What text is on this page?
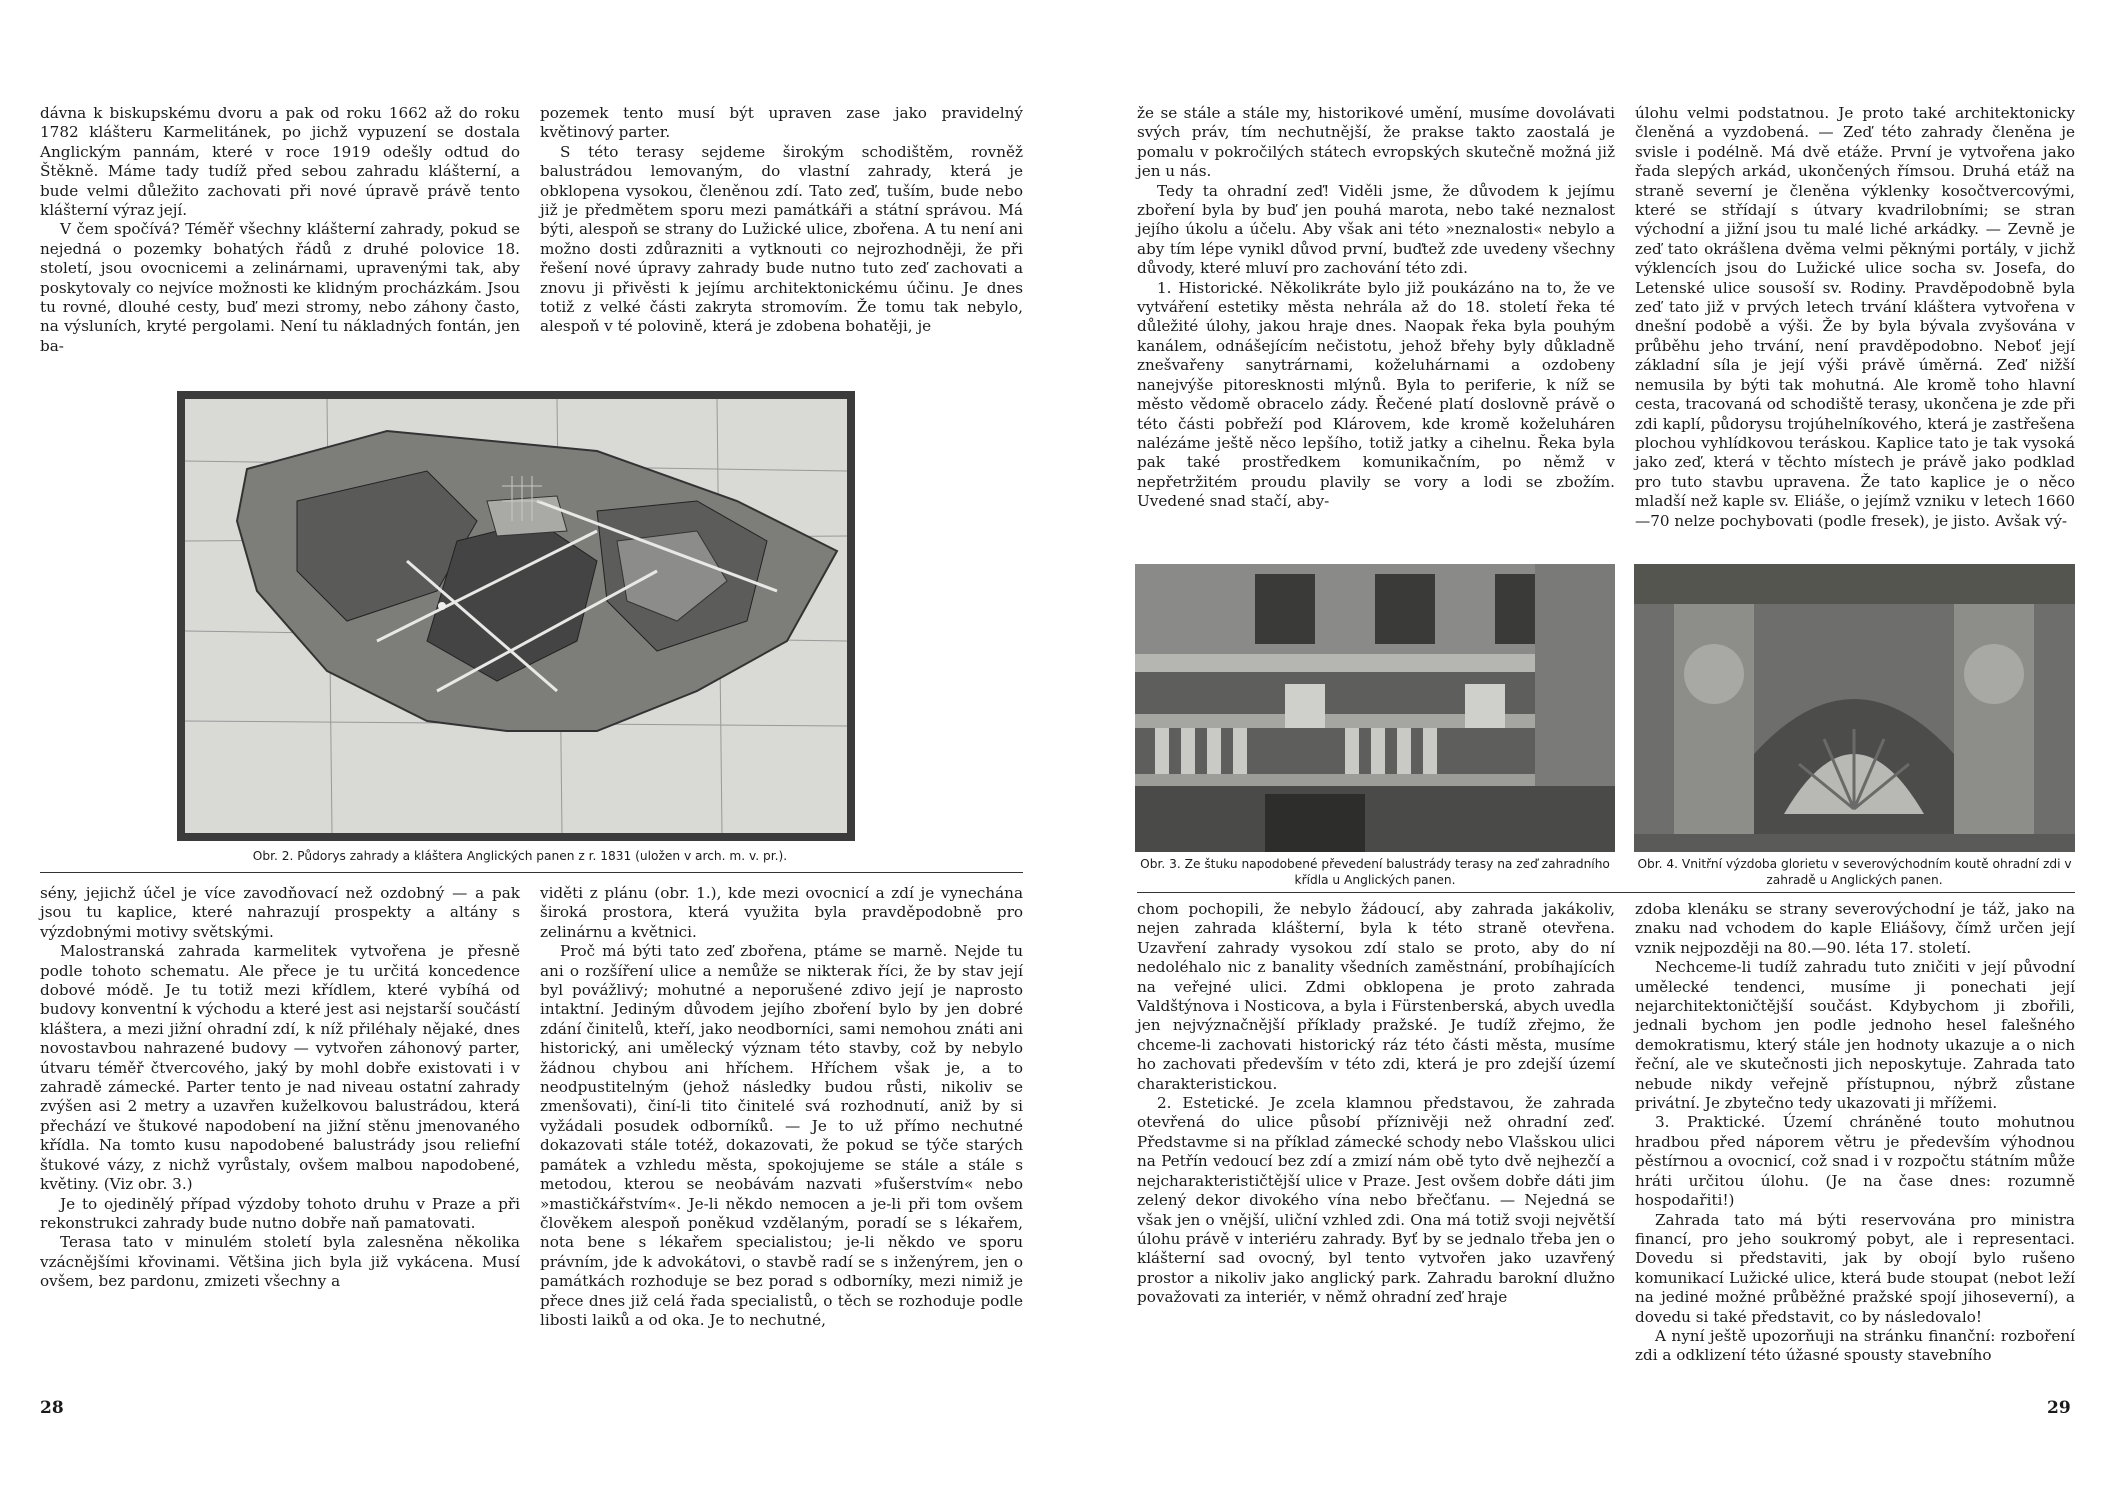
dávna k biskupskému dvoru a pak od roku 1662 až do roku 1782 klášteru Karmelitánek, po jichž vypuzení se dostala Anglickým pannám, které v roce 1919 odešly odtud do Štěkně. Máme tady tudíž před sebou zahradu klášterní, a bude velmi důležito zachovati při nové úpravě právě tento klášterní výraz její.

V čem spočívá? Téměř všechny klášterní zahrady, pokud se nejedná o pozemky bohatých řádů z druhé polovice 18. století, jsou ovocnicemi a zelinárnami, upravenými tak, aby poskytovaly co nejvíce možnosti ke klidným procházkám. Jsou tu rovné, dlouhé cesty, buď mezi stromy, nebo záhony často, na výsluních, kryté pergolami. Není tu nákladných fontán, jen ba-

pozemek tento musí být upraven zase jako pravidelný květinový parter.

S této terasy sejdeme širokým schodištěm, rovněž balustrádou lemovaným, do vlastní zahrady, která je obklopena vysokou, členěnou zdí. Tato zeď, tuším, bude nebo již je předmětem sporu mezi památkáři a státní správou. Má býti, alespoň se strany do Lužické ulice, zbořena. A tu není ani možno dosti zdůrazniti a vytknouti co nejrozhodněji, že při řešení nové úpravy zahrady bude nutno tuto zeď zachovati a znovu ji přivěsti k jejímu architektonickému účinu. Je dnes totiž z velké části zakryta stromovím. Že tomu tak nebylo, alespoň v té polovině, která je zdobena bohatěji, je

Obr. 2. Půdorys zahrady a kláštera Anglických panen z r. 1831 (uložen v arch. m. v. pr.).

sény, jejichž účel je více zavodňovací než ozdobný — a pak jsou tu kaplice, které nahrazují prospekty a altány s výzdobnými motivy světskými.

Malostranská zahrada karmelitek vytvořena je přesně podle tohoto schematu. Ale přece je tu určitá koncedence dobové módě. Je tu totiž mezi křídlem, které vybíhá od budovy konventní k východu a které jest asi nejstarší součástí kláštera, a mezi jižní ohradní zdí, k níž přiléhaly nějaké, dnes novostavbou nahrazené budovy — vytvořen záhonový parter, útvaru téměř čtvercového, jaký by mohl dobře existovati i v zahradě zámecké. Parter tento je nad niveau ostatní zahrady zvýšen asi 2 metry a uzavřen kuželkovou balustrádou, která přechází ve štukové napodobení na jižní stěnu jmenovaného křídla. Na tomto kusu napodobené balustrády jsou reliefní štukové vázy, z nichž vyrůstaly, ovšem malbou napodobené, květiny. (Viz obr. 3.)

Je to ojedinělý případ výzdoby tohoto druhu v Praze a při rekonstrukci zahrady bude nutno dobře naň pamatovati.

Terasa tato v minulém století byla zalesněna několika vzácnějšími křovinami. Většina jich byla již vykácena. Musí ovšem, bez pardonu, zmizeti všechny a

viděti z plánu (obr. 1.), kde mezi ovocnicí a zdí je vynechána široká prostora, která využita byla pravděpodobně pro zelinárnu a květnici.

Proč má býti tato zeď zbořena, ptáme se marně. Nejde tu ani o rozšíření ulice a nemůže se nikterak říci, že by stav její byl povážlivý; mohutné a neporušené zdivo její je naprosto intaktní. Jediným důvodem jejího zboření bylo by jen dobré zdání činitelů, kteří, jako neodborníci, sami nemohou znáti ani historický, ani umělecký význam této stavby, což by nebylo žádnou chybou ani hříchem. Hříchem však je, a to neodpustitelným (jehož následky budou růsti, nikoliv se zmenšovati), činí-li tito činitelé svá rozhodnutí, aniž by si vyžádali posudek odborníků. — Je to už přímo nechutné dokazovati stále totéž, dokazovati, že pokud se týče starých památek a vzhledu města, spokojujeme se stále a stále s metodou, kterou se neobávám nazvati »fušerstvím« nebo »mastičkářstvím«. Je-li někdo nemocen a je-li při tom ovšem člověkem alespoň poněkud vzdělaným, poradí se s lékařem, nota bene s lékařem specialistou; je-li někdo ve sporu právním, jde k advokátovi, o stavbě radí se s inženýrem, jen o památkách rozhoduje se bez porad s odborníky, mezi nimiž je přece dnes již celá řada specialistů, o těch se rozhoduje podle libosti laiků a od oka. Je to nechutné,

28

že se stále a stále my, historikové umění, musíme dovolávati svých práv, tím nechutnější, že prakse takto zaostalá je pomalu v pokročilých státech evropských skutečně možná již jen u nás.

Tedy ta ohradní zeď! Viděli jsme, že důvodem k jejímu zboření byla by buď jen pouhá marota, nebo také neznalost jejího úkolu a účelu. Aby však ani této »neznalosti« nebylo a aby tím lépe vynikl důvod první, buďtež zde uvedeny všechny důvody, které mluví pro zachování této zdi.

1. Historické. Několikráte bylo již poukázáno na to, že ve vytváření estetiky města nehrála až do 18. století řeka té důležité úlohy, jakou hraje dnes. Naopak řeka byla pouhým kanálem, odnášejícím nečistotu, jehož břehy byly důkladně znešvařeny sanytrárnami, koželuhárnami a ozdobeny nanejvýše pitoresknosti mlýnů. Byla to periferie, k níž se město vědomě obracelo zády. Řečené platí doslovně právě o této části pobřeží pod Klárovem, kde kromě koželuháren nalézáme ještě něco lepšího, totiž jatky a cihelnu. Řeka byla pak také prostředkem komunikačním, po němž v nepřetržitém proudu plavily se vory a lodi se zbožím. Uvedené snad stačí, aby-

úlohu velmi podstatnou. Je proto také architektonicky členěná a vyzdobená. — Zeď této zahrady členěna je svisle i podélně. Má dvě etáže. První je vytvořena jako řada slepých arkád, ukončených římsou. Druhá etáž na straně severní je členěna výklenky kosočtvercovými, které se střídají s útvary kvadrilobními; se stran východní a jižní jsou tu malé liché arkádky. — Zevně je zeď tato okrášlena dvěma velmi pěknými portály, v jichž výklencích jsou do Lužické ulice socha sv. Josefa, do Letenské ulice sousoší sv. Rodiny. Pravděpodobně byla zeď tato již v prvých letech trvání kláštera vytvořena v dnešní podobě a výši. Že by byla bývala zvyšována v průběhu jeho trvání, není pravděpodobno. Neboť její základní síla je její výši právě úměrná. Zeď nižší nemusila by býti tak mohutná. Ale kromě toho hlavní cesta, tracovaná od schodiště terasy, ukončena je zde při zdi kaplí, půdorysu trojúhelníkového, která je zastřešena plochou vyhlídkovou teráskou. Kaplice tato je tak vysoká jako zeď, která v těchto místech je právě jako podklad pro tuto stavbu upravena. Že tato kaplice je o něco mladší než kaple sv. Eliáše, o jejímž vzniku v letech 1660—70 nelze pochybovati (podle fresek), je jisto. Avšak vý-

Obr. 3. Ze štuku napodobené převedení balustrády terasy na zeď zahradního křídla u Anglických panen.
Obr. 4. Vnitřní výzdoba glorietu v severovýchodním koutě ohradní zdi v zahradě u Anglických panen.

chom pochopili, že nebylo žádoucí, aby zahrada jakákoliv, nejen zahrada klášterní, byla k této straně otevřena. Uzavření zahrady vysokou zdí stalo se proto, aby do ní nedoléhalo nic z banality všedních zaměstnání, probíhajících na veřejné ulici. Zdmi obklopena je proto zahrada Valdštýnova i Nosticova, a byla i Fürstenberská, abych uvedla jen nejvýznačnější příklady pražské. Je tudíž zřejmo, že chceme-li zachovati historický ráz této části města, musíme ho zachovati především v této zdi, která je pro zdejší území charakteristickou.

2. Estetické. Je zcela klamnou představou, že zahrada otevřená do ulice působí příznivěji než ohradní zeď. Představme si na příklad zámecké schody nebo Vlašskou ulici na Petřín vedoucí bez zdí a zmizí nám obě tyto dvě nejhezčí a nejcharakterističtější ulice v Praze. Jest ovšem dobře dáti jim zelený dekor divokého vína nebo břečťanu. — Nejedná se však jen o vnější, uliční vzhled zdi. Ona má totiž svoji největší úlohu právě v interiéru zahrady. Byť by se jednalo třeba jen o klášterní sad ovocný, byl tento vytvořen jako uzavřený prostor a nikoliv jako anglický park. Zahradu barokní dlužno považovati za interiér, v němž ohradní zeď hraje

zdoba klenáku se strany severovýchodní je táž, jako na znaku nad vchodem do kaple Eliášovy, čímž určen její vznik nejpozději na 80.—90. léta 17. století.

Nechceme-li tudíž zahradu tuto zničiti v její původní umělecké tendenci, musíme ji ponechati její nejarchitektoničtější součást. Kdybychom ji zbořili, jednali bychom jen podle jednoho hesel falešného demokratismu, který stále jen hodnoty ukazuje a o nich řeční, ale ve skutečnosti jich neposkytuje. Zahrada tato nebude nikdy veřejně přístupnou, nýbrž zůstane privátní. Je zbytečno tedy ukazovati ji mřížemi.

3. Praktické. Území chráněné touto mohutnou hradbou před náporem větru je především výhodnou pěstírnou a ovocnicí, což snad i v rozpočtu státním může hráti určitou úlohu. (Je na čase dnes: rozumně hospodařiti!)

Zahrada tato má býti reservována pro ministra financí, pro jeho soukromý pobyt, ale i representaci. Dovedu si představiti, jak by obojí bylo rušeno komunikací Lužické ulice, která bude stoupat (nebot leží na jediné možné průběžné pražské spojí jihoseverní), a dovedu si také představit, co by následovalo!

A nyní ještě upozorňuji na stránku finanční: rozboření zdi a odklizení této úžasné spousty stavebního

29
